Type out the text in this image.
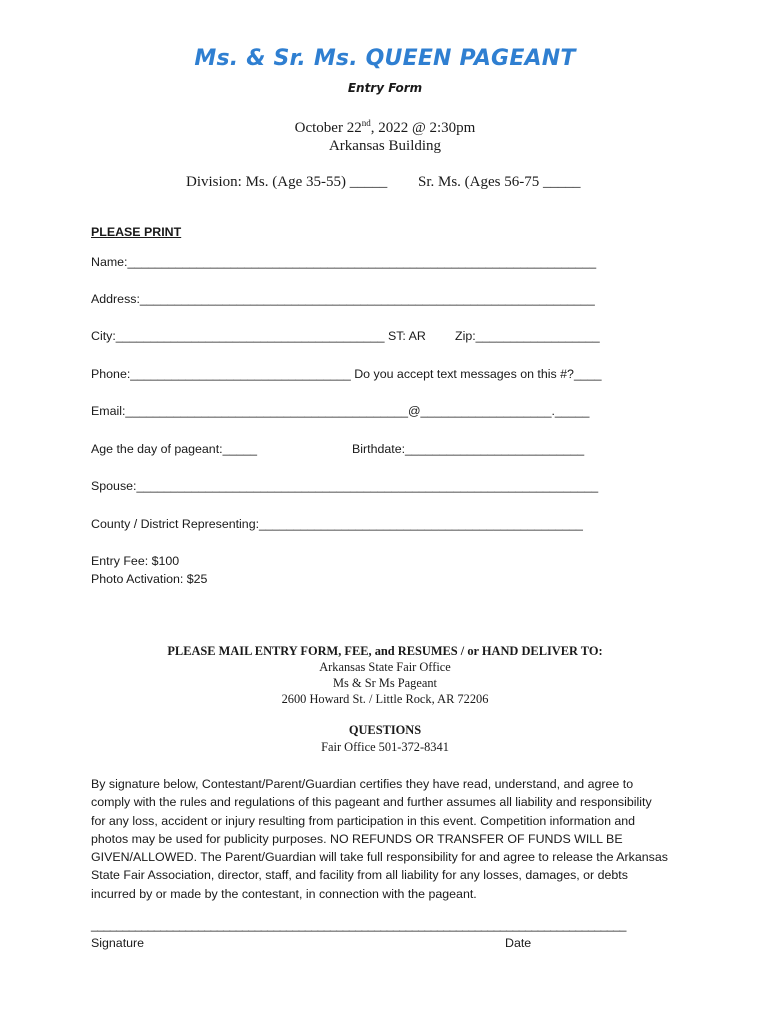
Ms. & Sr. Ms. QUEEN PAGEANT
Entry Form
October 22nd, 2022 @ 2:30pm
Arkansas Building
Division: Ms. (Age 35-55) _____ Sr. Ms. (Ages 56-75 _____
PLEASE PRINT
Name:____________________________________________________________________
Address:__________________________________________________________________
City:_______________________________________ ST: AR Zip:__________________
Phone:________________________________ Do you accept text messages on this #?____
Email:_________________________________________@___________________._____
Age the day of pageant:_____	Birthdate:__________________________
Spouse:___________________________________________________________________
County / District Representing:_______________________________________________
Entry Fee: $100
Photo Activation: $25
PLEASE MAIL ENTRY FORM, FEE, and RESUMES / or HAND DELIVER TO:
Arkansas State Fair Office
Ms & Sr Ms Pageant
2600 Howard St. / Little Rock, AR 72206
QUESTIONS
Fair Office 501-372-8341
By signature below, Contestant/Parent/Guardian certifies they have read, understand, and agree to
comply with the rules and regulations of this pageant and further assumes all liability and responsibility
for any loss, accident or injury resulting from participation in this event. Competition information and
photos may be used for publicity purposes. NO REFUNDS OR TRANSFER OF FUNDS WILL BE
GIVEN/ALLOWED. The Parent/Guardian will take full responsibility for and agree to release the Arkansas
State Fair Association, director, staff, and facility from all liability for any losses, damages, or debts
incurred by or made by the contestant, in connection with the pageant.
_____________________________________________________________________________________
Signature	Date
